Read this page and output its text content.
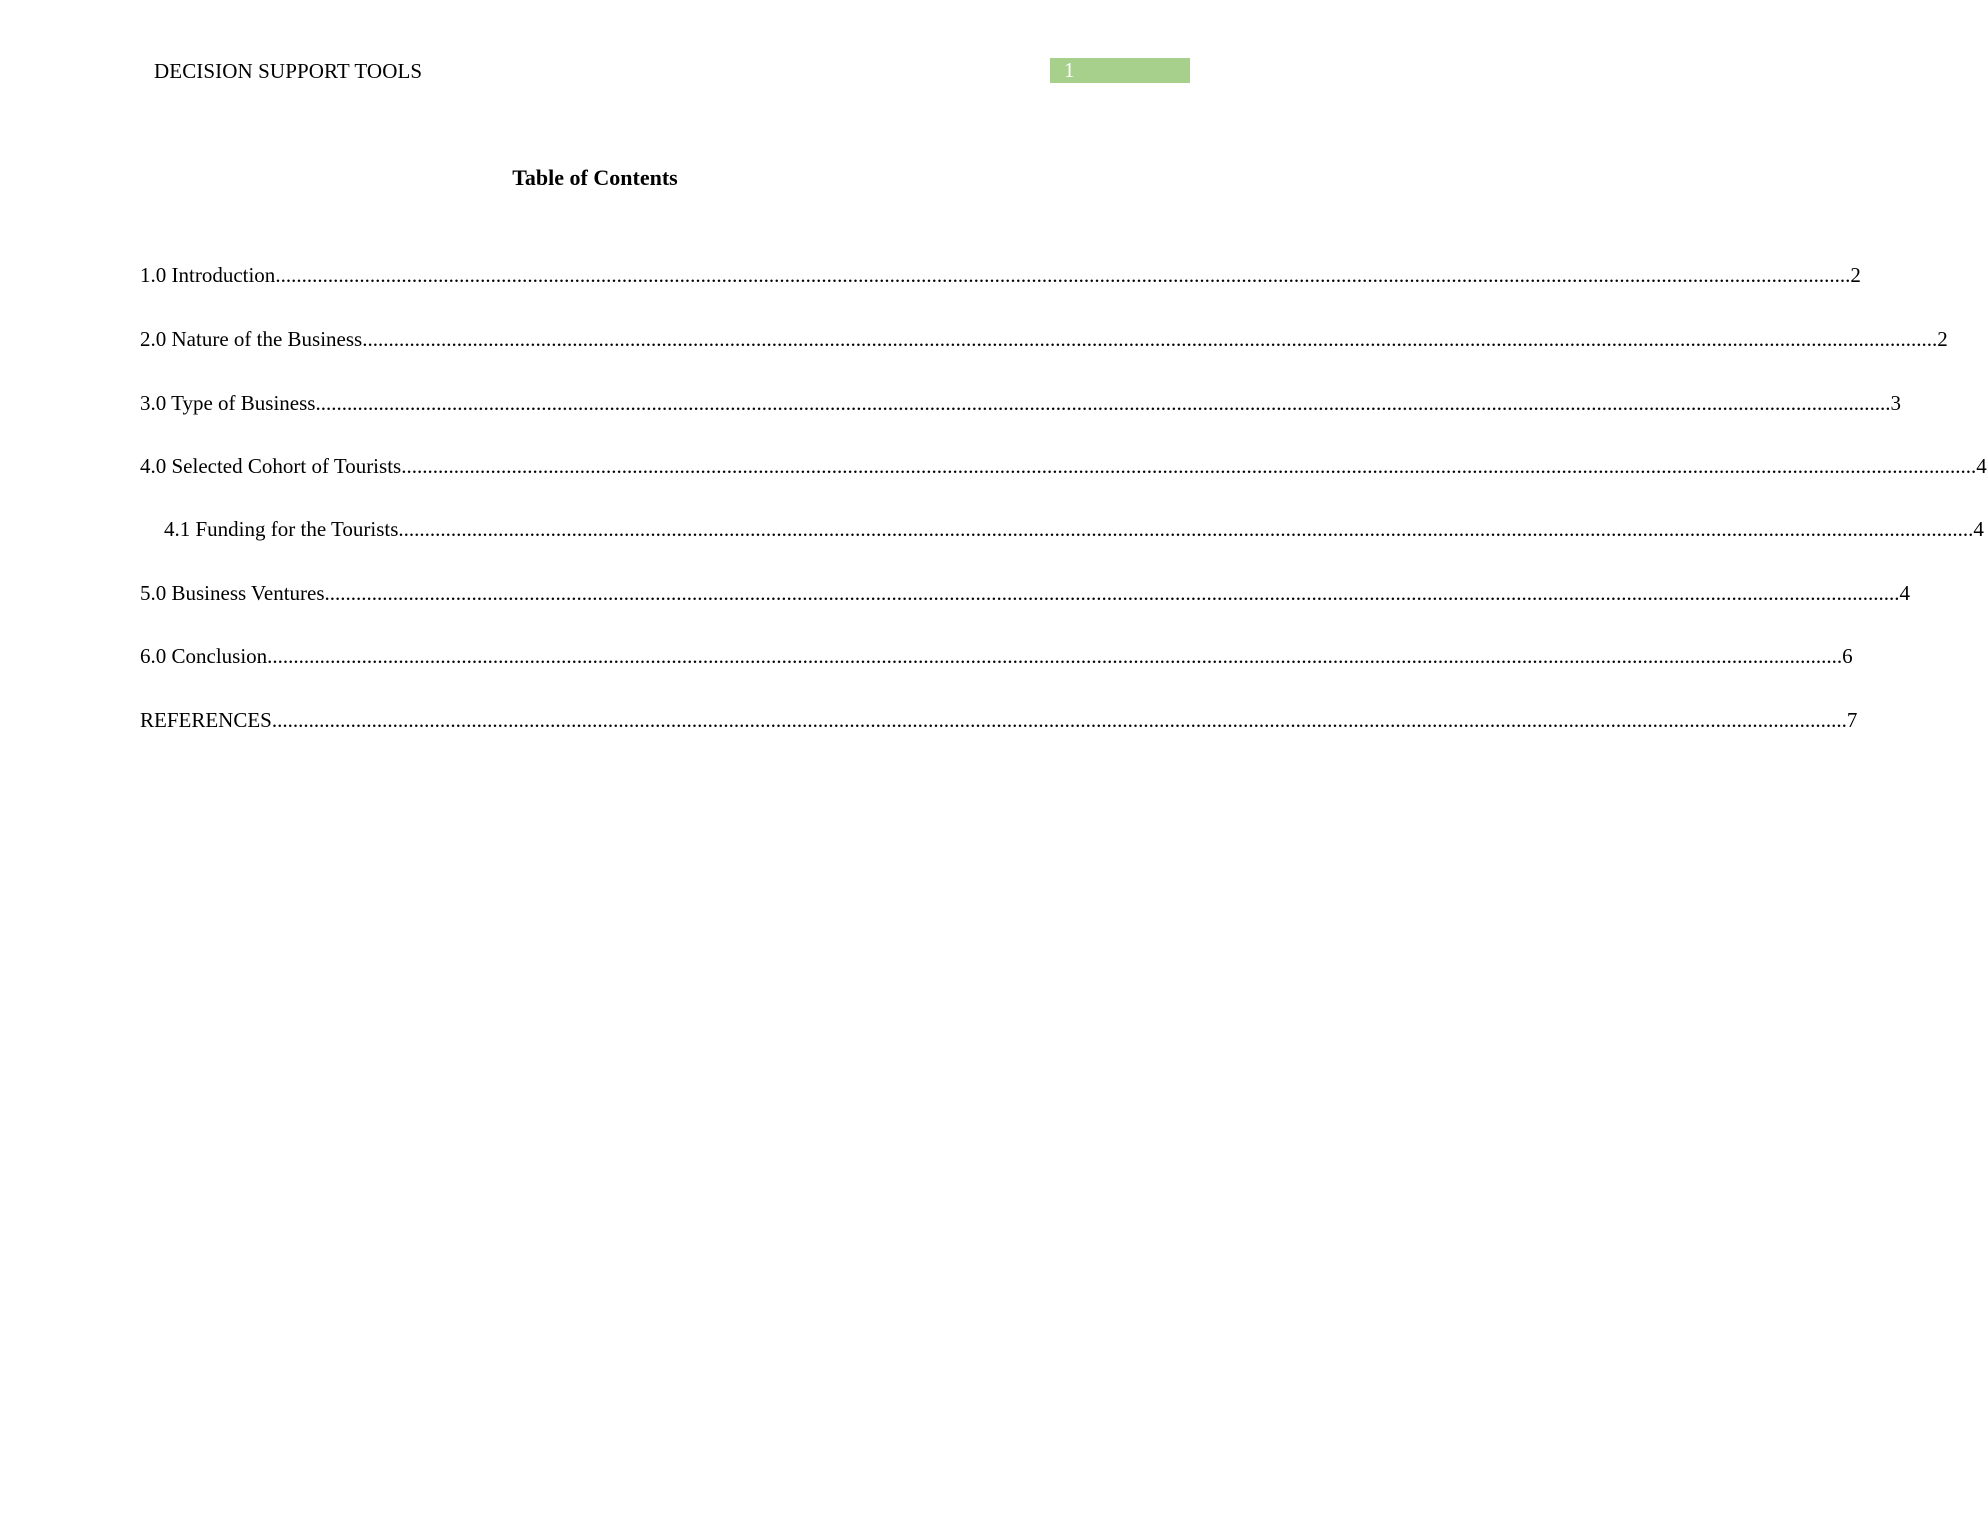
DECISION SUPPORT TOOLS	1
Table of Contents
1.0 Introduction ............................................................................................................................................................................................................................................................................................................ 2
2.0 Nature of the Business ............................................................................................................................................................................................................................................................................................................ 2
3.0 Type of Business ............................................................................................................................................................................................................................................................................................................ 3
4.0 Selected Cohort of Tourists ............................................................................................................................................................................................................................................................................................................ 4
4.1 Funding for the Tourists ............................................................................................................................................................................................................................................................................................................ 4
5.0 Business Ventures ............................................................................................................................................................................................................................................................................................................ 4
6.0 Conclusion ............................................................................................................................................................................................................................................................................................................ 6
REFERENCES ............................................................................................................................................................................................................................................................................................................ 7
